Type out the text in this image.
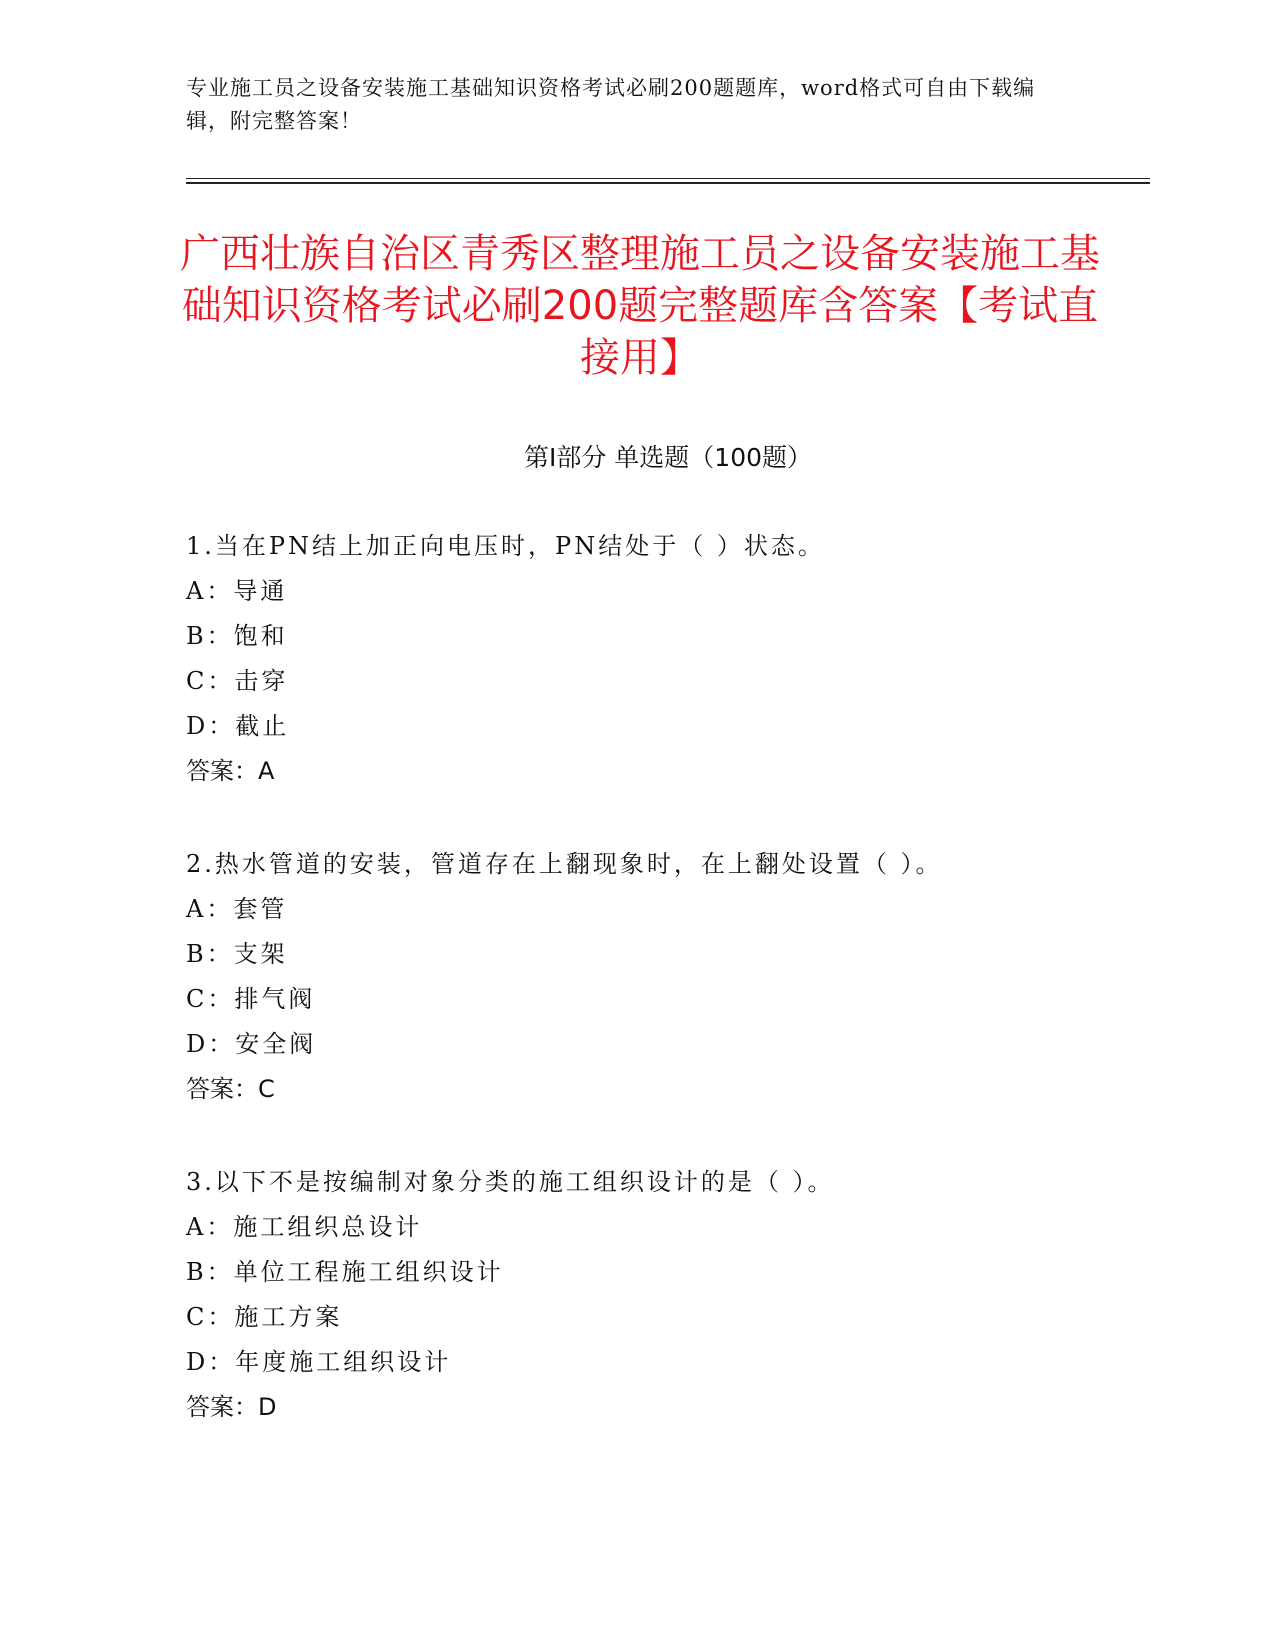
专业施工员之设备安装施工基础知识资格考试必刷200题题库，word格式可自由下载编辑，附完整答案！
广西壮族自治区青秀区整理施工员之设备安装施工基础知识资格考试必刷200题完整题库含答案【考试直接用】
第Ⅰ部分 单选题（100题）

1.当在PN结上加正向电压时，PN结处于（ ）状态。

A：导通

B：饱和

C：击穿

D：截止

答案：A

2.热水管道的安装，管道存在上翻现象时，在上翻处设置（ ）。

A：套管

B：支架

C：排气阀

D：安全阀

答案：C

3.以下不是按编制对象分类的施工组织设计的是（ ）。

A：施工组织总设计

B：单位工程施工组织设计

C：施工方案

D：年度施工组织设计

答案：D
